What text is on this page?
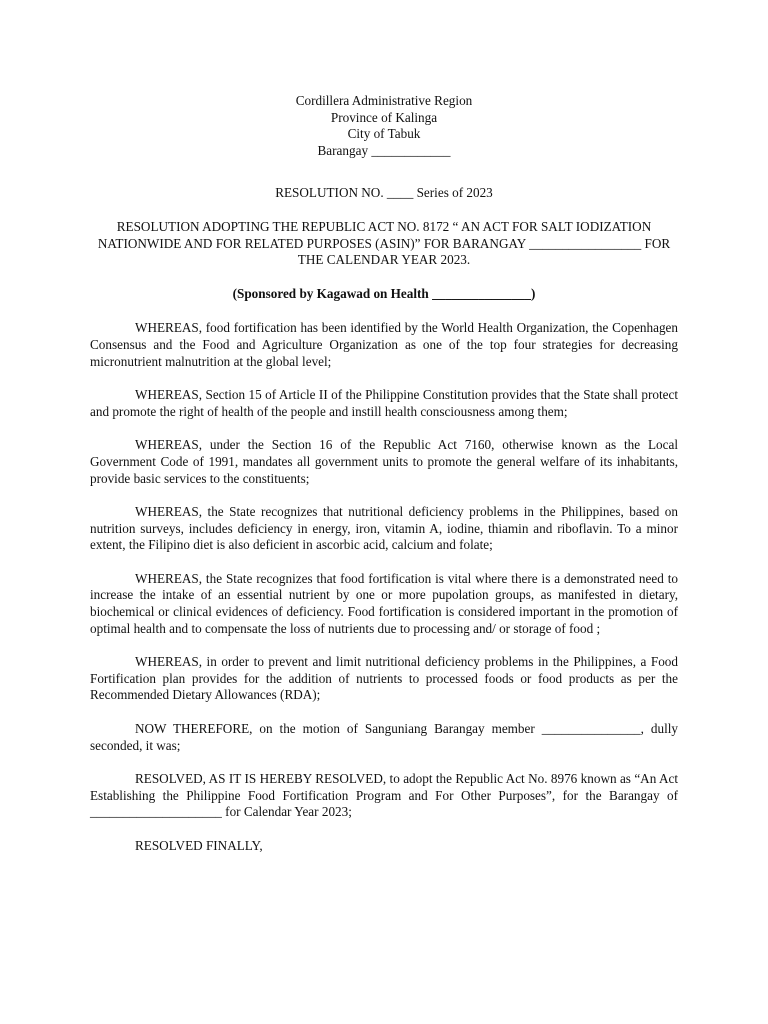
Cordillera Administrative Region
Province of Kalinga
City of Tabuk
Barangay ____________
RESOLUTION NO. ____ Series of 2023
RESOLUTION ADOPTING THE REPUBLIC ACT NO. 8172 “ AN ACT FOR SALT IODIZATION NATIONWIDE AND FOR RELATED PURPOSES (ASIN)” FOR BARANGAY _________________ FOR THE CALENDAR YEAR 2023.
(Sponsored by Kagawad on Health _______________)

WHEREAS, food fortification has been identified by the World Health Organization, the Copenhagen Consensus and the Food and Agriculture Organization as one of the top four strategies for decreasing micronutrient malnutrition at the global level;

WHEREAS, Section 15 of Article II of the Philippine Constitution provides that the State shall protect and promote the right of health of the people and instill health consciousness among them;

WHEREAS, under the Section 16 of the Republic Act 7160, otherwise known as the Local Government Code of 1991, mandates all government units to promote the general welfare of its inhabitants, provide basic services to the constituents;

WHEREAS, the State recognizes that nutritional deficiency problems in the Philippines, based on nutrition surveys, includes deficiency in energy, iron, vitamin A, iodine, thiamin and riboflavin. To a minor extent, the Filipino diet is also deficient in ascorbic acid, calcium and folate;

WHEREAS, the State recognizes that food fortification is vital where there is a demonstrated need to increase the intake of an essential nutrient by one or more pupolation groups, as manifested in dietary, biochemical or clinical evidences of deficiency. Food fortification is considered important in the promotion of optimal health and to compensate the loss of nutrients due to processing and/ or storage of food ;

WHEREAS, in order to prevent and limit nutritional deficiency problems in the Philippines, a Food Fortification plan provides for the addition of nutrients to processed foods or food products as per the Recommended Dietary Allowances (RDA);

NOW THEREFORE, on the motion of Sanguniang Barangay member _______________, dully seconded, it was;

RESOLVED, AS IT IS HEREBY RESOLVED, to adopt the Republic Act No. 8976 known as “An Act Establishing the Philippine Food Fortification Program and For Other Purposes”, for the Barangay of ____________________ for Calendar Year 2023;

RESOLVED FINALLY,
